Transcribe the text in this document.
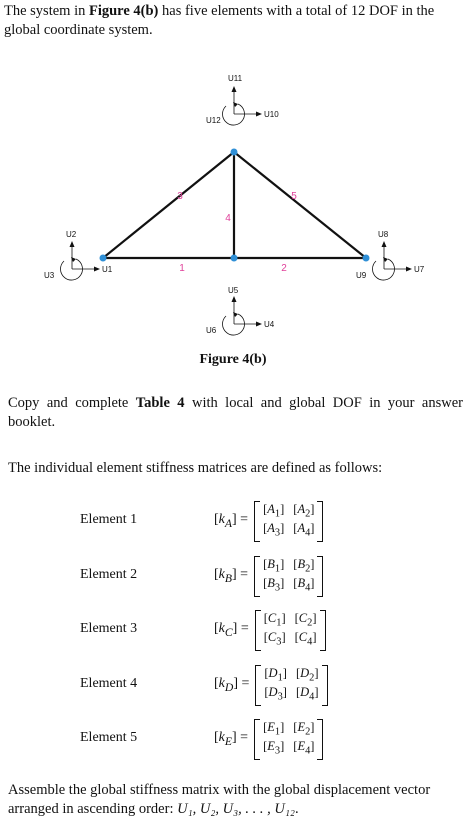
The system in Figure 4(b) has five elements with a total of 12 DOF in the global coordinate system.

1	2
3
4
5
U11
U10
U12
U2
U1
U3
U5
U4
U6
U8
U7
U9
Figure 4(b)

Copy and complete Table 4 with local and global DOF in your answer booklet.

The individual element stiffness matrices are defined as follows:

Element 1	$[k_A]$ =
$[A_1]$ $[A_2]$
$[A_3]$ $[A_4]$
Element 2	$[k_B]$ =
$[B_1]$ $[B_2]$
$[B_3]$ $[B_4]$
Element 3	$[k_C]$ =
$[C_1]$ $[C_2]$
$[C_3]$ $[C_4]$
Element 4	$[k_D]$ =
$[D_1]$ $[D_2]$
$[D_3]$ $[D_4]$
Element 5	$[k_E]$ =
$[E_1]$ $[E_2]$
$[E_3]$ $[E_4]$

Assemble the global stiffness matrix with the global displacement vector arranged in ascending order: U₁, U₂, U₃, . . . , U₁₂.
